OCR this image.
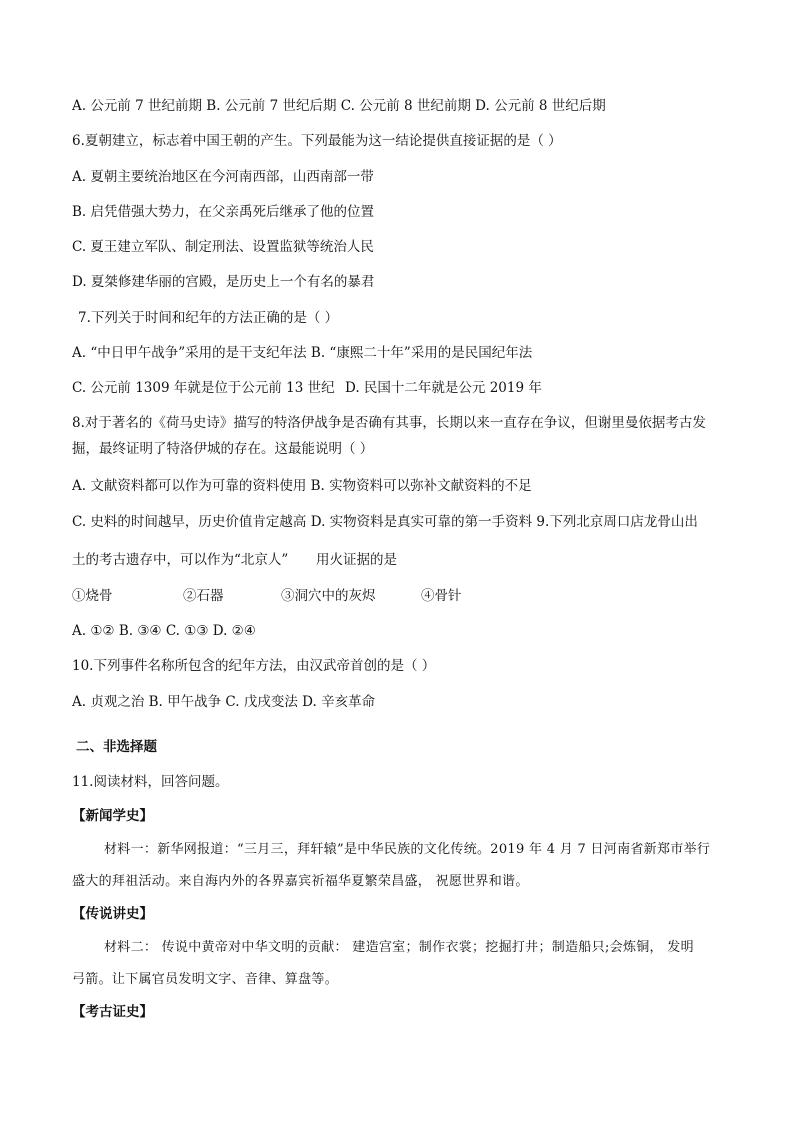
A. 公元前 7 世纪前期 B. 公元前 7 世纪后期 C. 公元前 8 世纪前期 D. 公元前 8 世纪后期
6.夏朝建立，标志着中国王朝的产生。下列最能为这一结论提供直接证据的是（ ）
A. 夏朝主要统治地区在今河南西部，山西南部一带
B. 启凭借强大势力，在父亲禹死后继承了他的位置
C. 夏王建立军队、制定刑法、设置监狱等统治人民
D. 夏桀修建华丽的宫殿，是历史上一个有名的暴君
7.下列关于时间和纪年的方法正确的是（ ）
A. “中日甲午战争”采用的是干支纪年法 B. “康熙二十年”采用的是民国纪年法
C. 公元前 1309 年就是位于公元前 13 世纪 D. 民国十二年就是公元 2019 年
8.对于著名的《荷马史诗》描写的特洛伊战争是否确有其事，长期以来一直存在争议，但谢里曼依据考古发
掘，最终证明了特洛伊城的存在。这最能说明（ ）
A. 文献资料都可以作为可靠的资料使用 B. 实物资料可以弥补文献资料的不足
C. 史料的时间越早，历史价值肯定越高 D. 实物资料是真实可靠的第一手资料 9.下列北京周口店龙骨山出
土的考古遗存中，可以作为“北京人” 用火证据的是
①烧骨	②石器	③洞穴中的灰烬	④骨针
A. ①② B. ③④ C. ①③ D. ②④
10.下列事件名称所包含的纪年方法，由汉武帝首创的是（ ）
A. 贞观之治 B. 甲午战争 C. 戊戌变法 D. 辛亥革命
二、非选择题
11.阅读材料，回答问题。
【新闻学史】
材料一：新华网报道：“三月三，拜轩辕”是中华民族的文化传统。2019 年 4 月 7 日河南省新郑市举行
盛大的拜祖活动。来自海内外的各界嘉宾祈福华夏繁荣昌盛， 祝愿世界和谐。
【传说讲史】
材料二： 传说中黄帝对中华文明的贡献： 建造宫室；制作衣裳；挖掘打井；制造船只;会炼铜， 发明
弓箭。让下属官员发明文字、音律、算盘等。
【考古证史】
